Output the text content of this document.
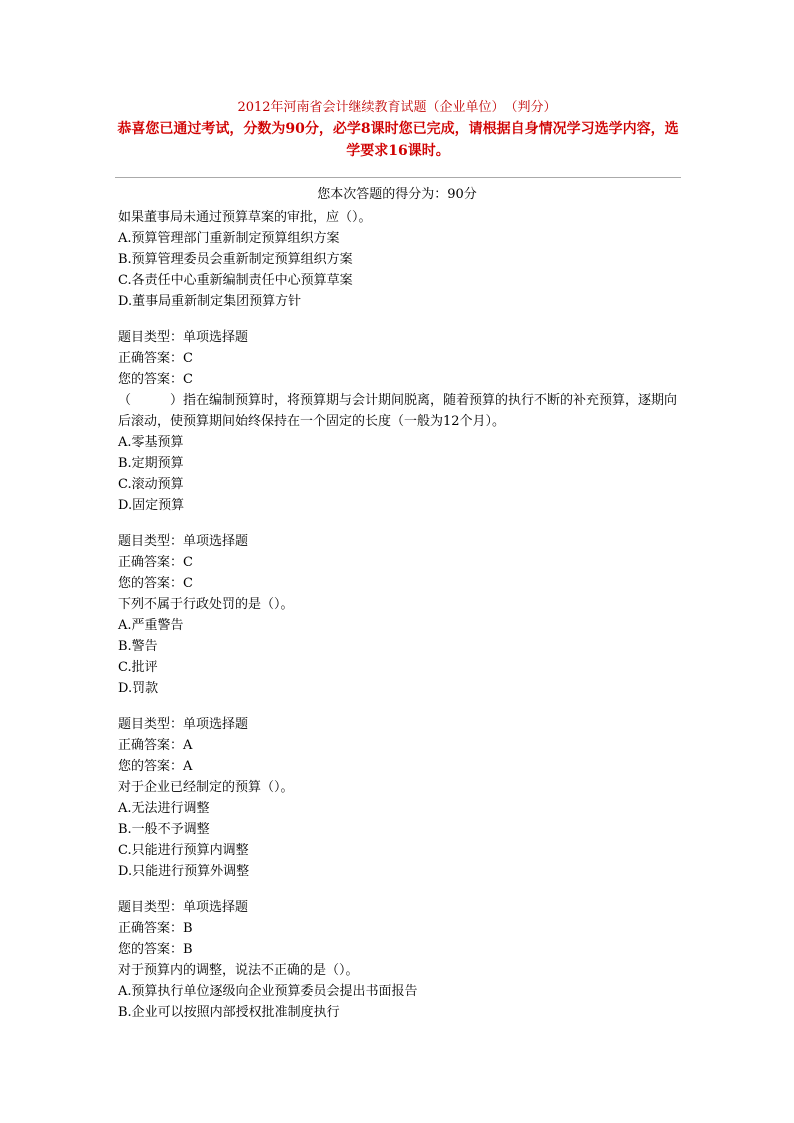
2012年河南省会计继续教育试题（企业单位）　（判分）
恭喜您已通过考试，分数为90分，必学8课时您已完成，请根据自身情况学习选学内容，选学要求16课时。
您本次答题的得分为：90分
如果董事局未通过预算草案的审批，应（）。
A.预算管理部门重新制定预算组织方案
B.预算管理委员会重新制定预算组织方案
C.各责任中心重新编制责任中心预算草案
D.董事局重新制定集团预算方针
题目类型：单项选择题
正确答案：C
您的答案：C
（　　　）指在编制预算时，将预算期与会计期间脱离，随着预算的执行不断的补充预算，逐期向后滚动，使预算期间始终保持在一个固定的长度（一般为12个月）。
A.零基预算
B.定期预算
C.滚动预算
D.固定预算
题目类型：单项选择题
正确答案：C
您的答案：C
下列不属于行政处罚的是（）。
A.严重警告
B.警告
C.批评
D.罚款
题目类型：单项选择题
正确答案：A
您的答案：A
对于企业已经制定的预算（）。
A.无法进行调整
B.一般不予调整
C.只能进行预算内调整
D.只能进行预算外调整
题目类型：单项选择题
正确答案：B
您的答案：B
对于预算内的调整，说法不正确的是（）。
A.预算执行单位逐级向企业预算委员会提出书面报告
B.企业可以按照内部授权批准制度执行
